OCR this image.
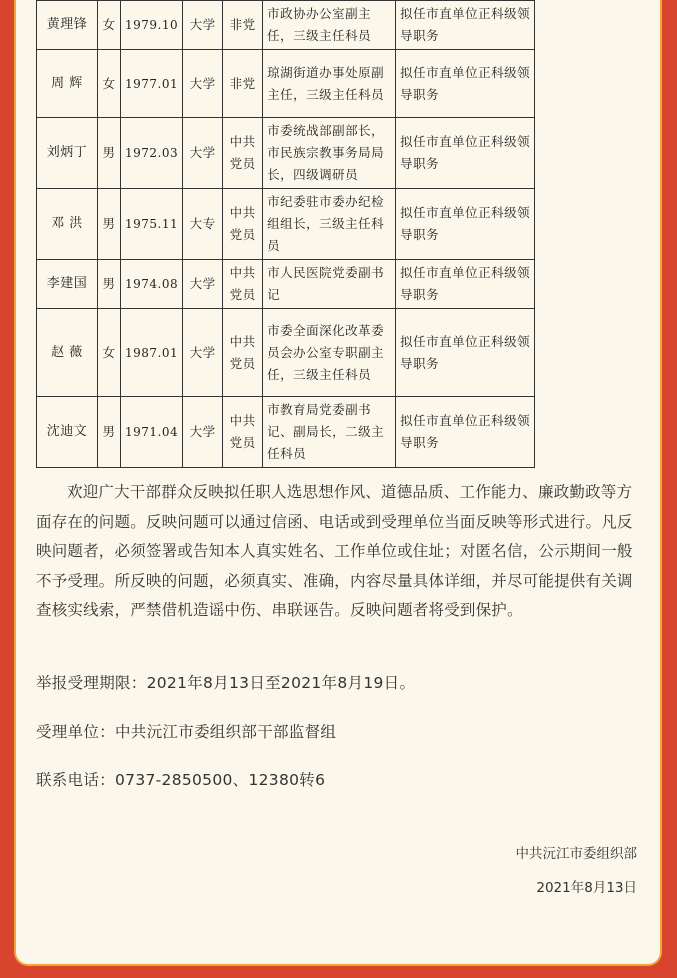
黄理锋	女	1979.10	大学	非党	市政协办公室副主任，三级主任科员	拟任市直单位正科级领导职务
周 辉	女	1977.01	大学	非党	琼湖街道办事处原副主任，三级主任科员	拟任市直单位正科级领导职务
刘炳丁	男	1972.03	大学	中共党员	市委统战部副部长，市民族宗教事务局局长，四级调研员	拟任市直单位正科级领导职务
邓 洪	男	1975.11	大专	中共党员	市纪委驻市委办纪检组组长，三级主任科员	拟任市直单位正科级领导职务
李建国	男	1974.08	大学	中共党员	市人民医院党委副书记	拟任市直单位正科级领导职务
赵 薇	女	1987.01	大学	中共党员	市委全面深化改革委员会办公室专职副主任，三级主任科员	拟任市直单位正科级领导职务
沈迪文	男	1971.04	大学	中共党员	市教育局党委副书记、副局长，二级主任科员	拟任市直单位正科级领导职务

欢迎广大干部群众反映拟任职人选思想作风、道德品质、工作能力、廉政勤政等方面存在的问题。反映问题可以通过信函、电话或到受理单位当面反映等形式进行。凡反映问题者，必须签署或告知本人真实姓名、工作单位或住址；对匿名信，公示期间一般不予受理。所反映的问题，必须真实、准确，内容尽量具体详细，并尽可能提供有关调查核实线索，严禁借机造谣中伤、串联诬告。反映问题者将受到保护。

举报受理期限：2021年8月13日至2021年8月19日。

受理单位：中共沅江市委组织部干部监督组

联系电话：0737-2850500、12380转6

中共沅江市委组织部
2021年8月13日
